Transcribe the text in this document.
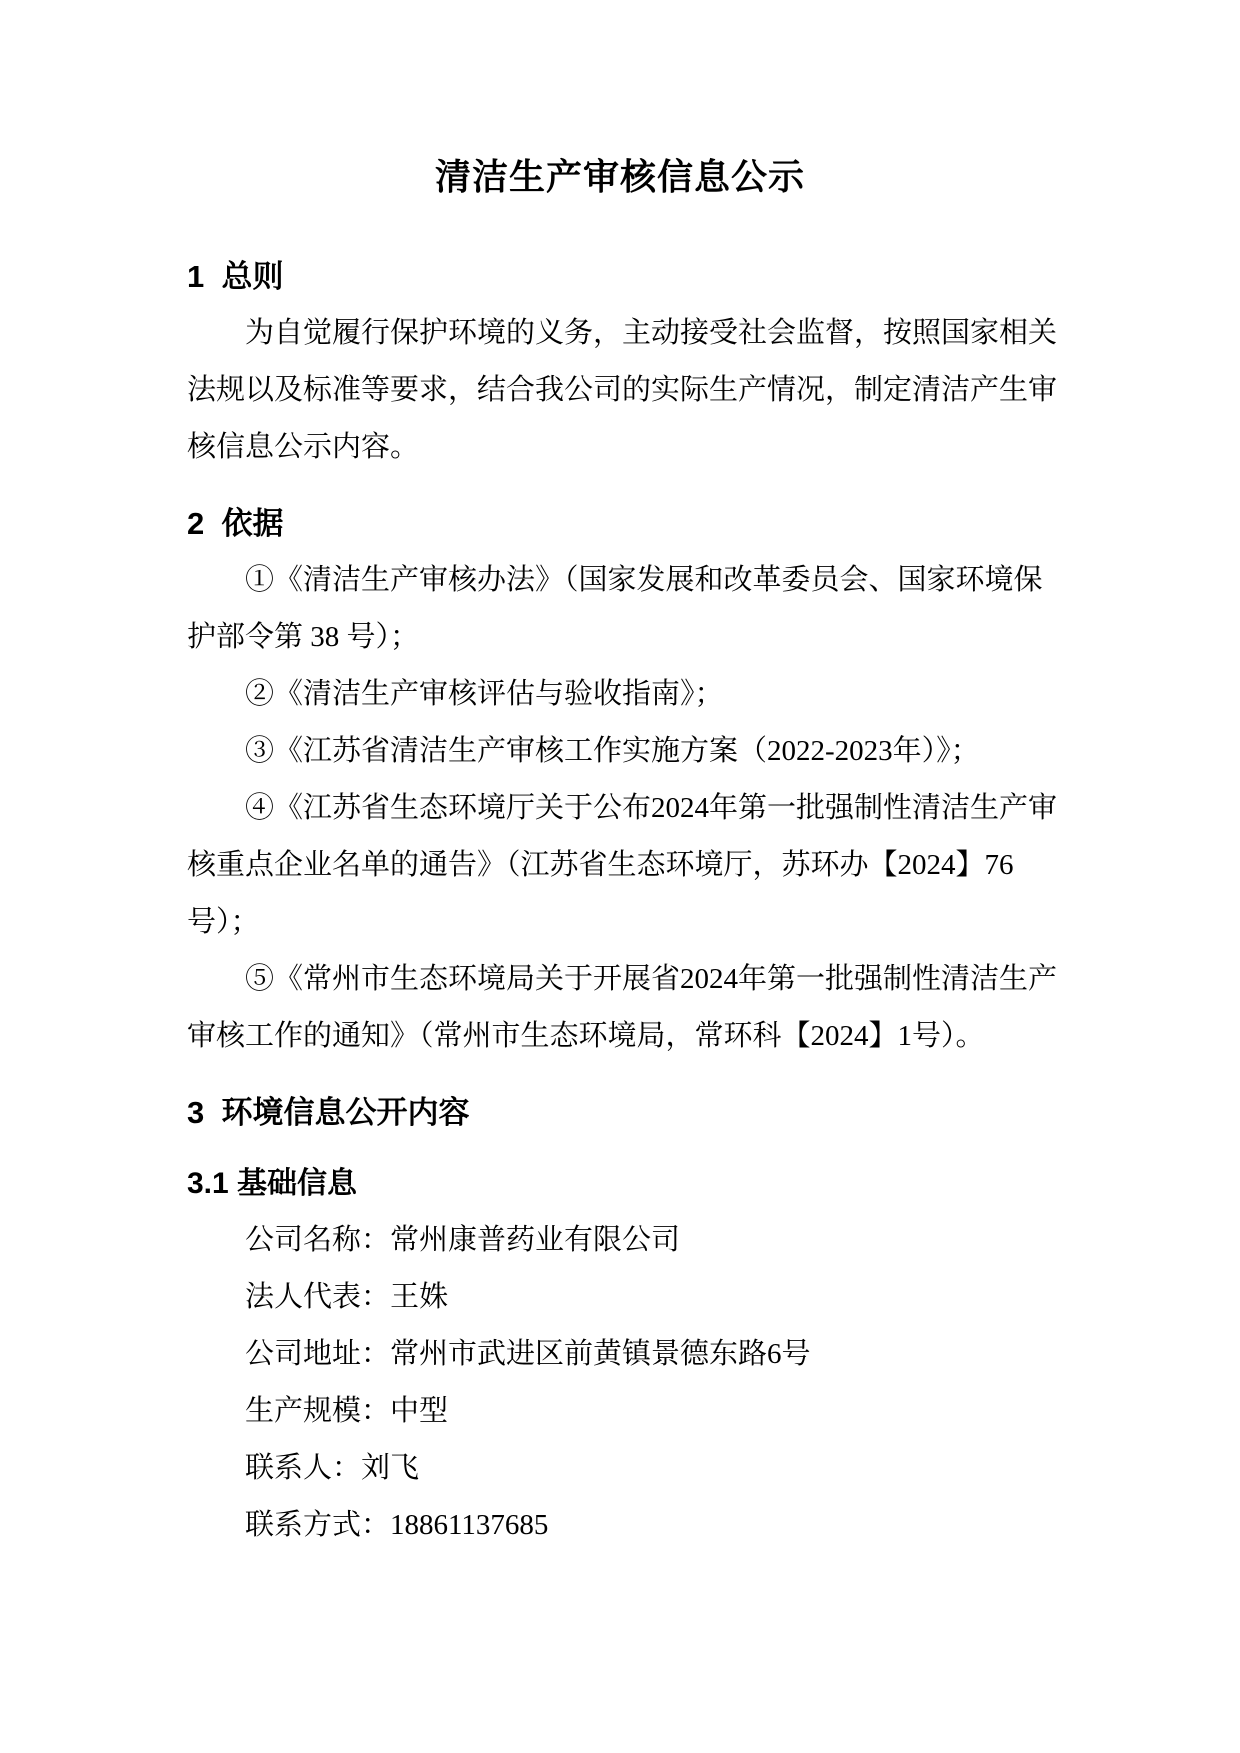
清洁生产审核信息公示
1  总则
为自觉履行保护环境的义务，主动接受社会监督，按照国家相关
法规以及标准等要求，结合我公司的实际生产情况，制定清洁产生审
核信息公示内容。
2  依据
①《清洁生产审核办法》（国家发展和改革委员会、国家环境保
护部令第 38 号）；
②《清洁生产审核评估与验收指南》；
③《江苏省清洁生产审核工作实施方案（2022-2023年）》；
④《江苏省生态环境厅关于公布2024年第一批强制性清洁生产审
核重点企业名单的通告》（江苏省生态环境厅，苏环办【2024】76
号）；
⑤《常州市生态环境局关于开展省2024年第一批强制性清洁生产
审核工作的通知》（常州市生态环境局，常环科【2024】1号）。
3  环境信息公开内容
3.1 基础信息
公司名称：常州康普药业有限公司
法人代表：王姝
公司地址：常州市武进区前黄镇景德东路6号
生产规模：中型
联系人：刘飞
联系方式：18861137685
